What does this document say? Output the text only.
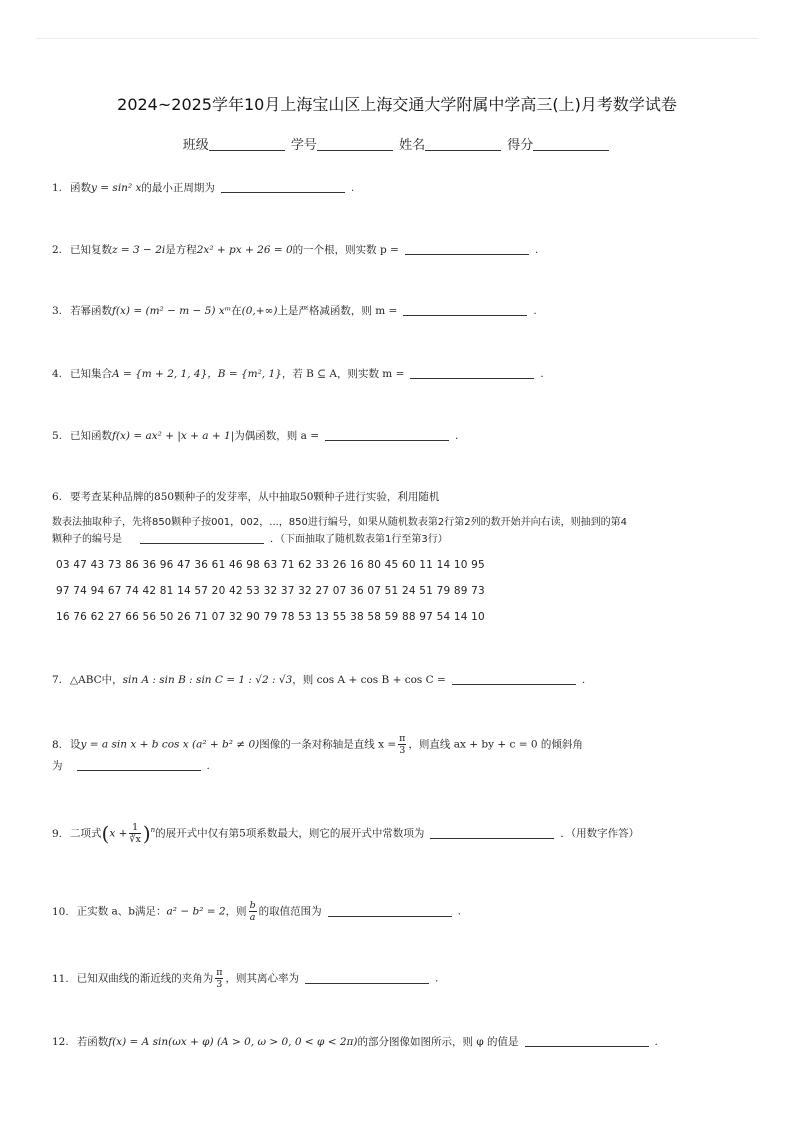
2024~2025学年10月上海宝山区上海交通大学附属中学高三(上)月考数学试卷
班级	学号	姓名	得分
1. 函数y = sin² x的最小正周期为	.
2. 已知复数z = 3 − 2i是方程2x² + px + 26 = 0的一个根，则实数 p =	.
3. 若幂函数f(x) = (m² − m − 5) xᵐ在(0,+∞)上是严格减函数，则 m =	.
4. 已知集合A = {m + 2, 1, 4}，B = {m², 1}，若 B ⊆ A，则实数 m =	.
5. 已知函数f(x) = ax² + |x + a + 1|为偶函数，则 a =	.
6. 要考查某种品牌的850颗种子的发芽率，从中抽取50颗种子进行实验，利用随机
数表法抽取种子，先将850颗种子按001，002，...，850进行编号，如果从随机数表第2行第2列的数开始并向右读，则抽到的第4
颗种子的编号是	．（下面抽取了随机数表第1行至第3行）
03 47 43 73 86 36 96 47 36 61 46 98 63 71 62 33 26 16 80 45 60 11 14 10 95
97 74 94 67 74 42 81 14 57 20 42 53 32 37 32 27 07 36 07 51 24 51 79 89 73
16 76 62 27 66 56 50 26 71 07 32 90 79 78 53 13 55 38 58 59 88 97 54 14 10
7. △ABC中，sin A : sin B : sin C = 1 : √2 : √3，则 cos A + cos B + cos C =	.
8. 设y = a sin x + b cos x (a² + b² ≠ 0)图像的一条对称轴是直线 $x = \frac{\pi}{3}$ ，则直线 ax + by + c = 0 的倾斜角
为	.
9. 二项式$(x + \frac{1}{∛x} )^n$的展开式中仅有第5项系数最大，则它的展开式中常数项为	．（用数字作答）
10. 正实数 a、b满足：a² − b² = 2，则 $\frac{b}{a}$ 的取值范围为	.
11. 已知双曲线的渐近线的夹角为 $\frac{\pi}{3}$ ，则其离心率为	.
12. 若函数f(x) = A sin(ωx + φ) (A > 0, ω > 0, 0 < φ < 2π)的部分图像如图所示，则 φ 的值是	.
